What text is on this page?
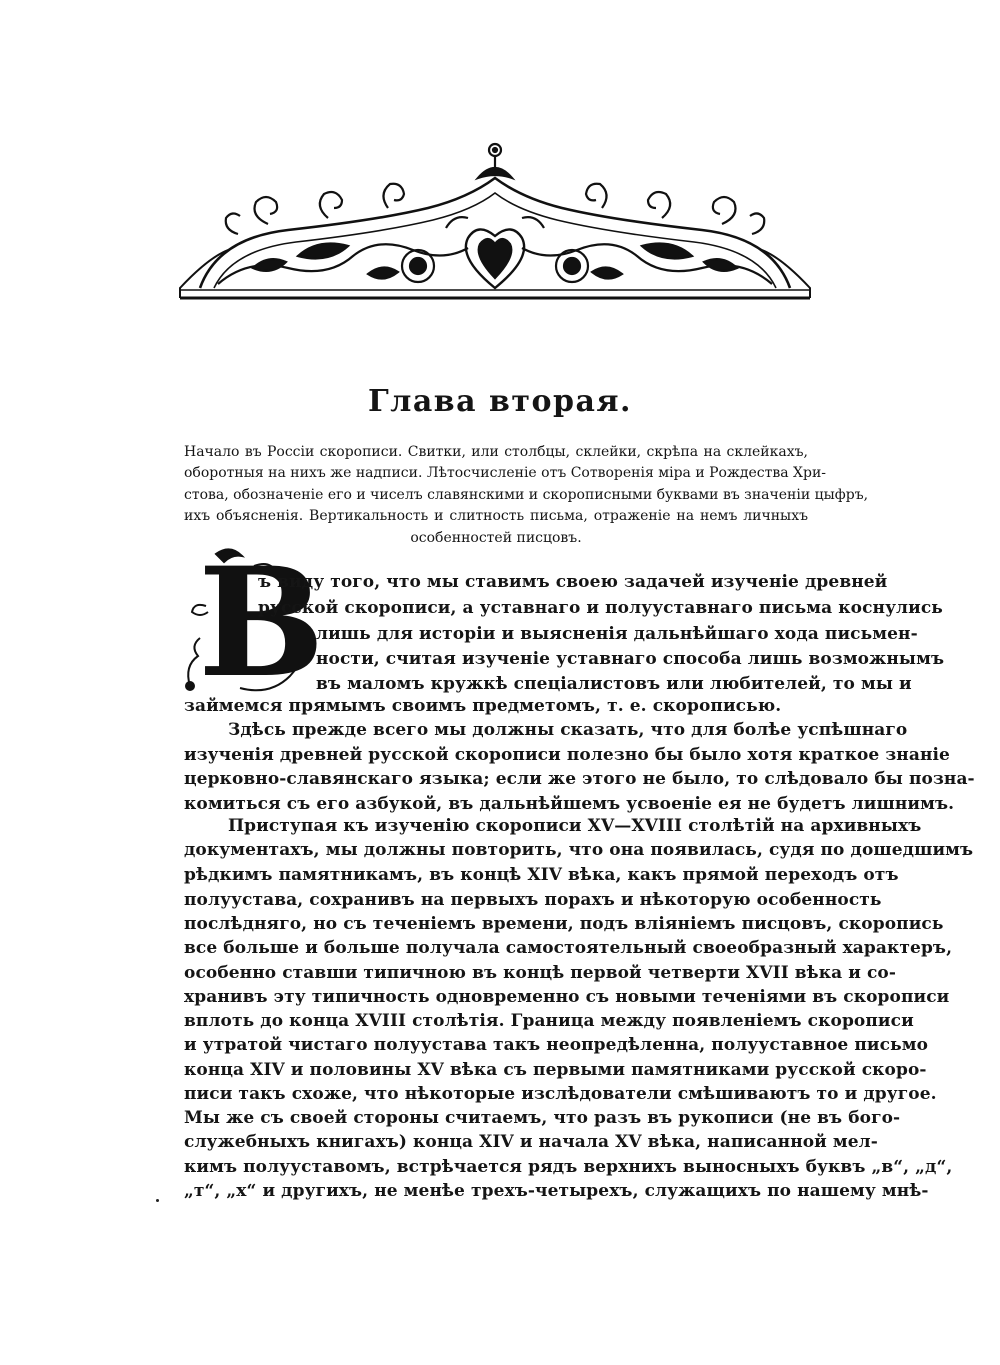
Глава вторая.
Начало въ Россіи скорописи. Свитки, или столбцы, склейки, скрѣпа на склейкахъ,
оборотныя на нихъ же надписи. Лѣтосчисленіе отъ Сотворенія міра и Рождества Хри-
стова, обозначеніе его и чиселъ славянскими и скорописными буквами въ значеніи цыфръ,
ихъ объясненія. Вертикальность и слитность письма, отраженіе на немъ личныхъ
особенностей писцовъ.
В

ъ виду того, что мы ставимъ своею задачей изученіе древней

русской скорописи, а уставнаго и полууставнаго письма коснулись

лишь для исторіи и выясненія дальнѣйшаго хода письмен-

ности, считая изученіе уставнаго способа лишь возможнымъ

въ маломъ кружкѣ спеціалистовъ или любителей, то мы и

займемся прямымъ своимъ предметомъ, т. е. скорописью.

Здѣсь прежде всего мы должны сказать, что для болѣе успѣшнаго

изученія древней русской скорописи полезно бы было хотя краткое знаніе

церковно-славянскаго языка; если же этого не было, то слѣдовало бы позна-

комиться съ его азбукой, въ дальнѣйшемъ усвоеніе ея не будетъ лишнимъ.

Приступая къ изученію скорописи XV—XVIII столѣтій на архивныхъ

документахъ, мы должны повторить, что она появилась, судя по дошедшимъ

рѣдкимъ памятникамъ, въ концѣ XIV вѣка, какъ прямой переходъ отъ

полуустава, сохранивъ на первыхъ порахъ и нѣкоторую особенность

послѣдняго, но съ теченіемъ времени, подъ вліяніемъ писцовъ, скоропись

все больше и больше получала самостоятельный своеобразный характеръ,

особенно ставши типичною въ концѣ первой четверти XVII вѣка и со-

хранивъ эту типичность одновременно съ новыми теченіями въ скорописи

вплоть до конца XVIII столѣтія. Граница между появленіемъ скорописи

и утратой чистаго полуустава такъ неопредѣленна, полууставное письмо

конца XIV и половины XV вѣка съ первыми памятниками русской скоро-

писи такъ схоже, что нѣкоторые изслѣдователи смѣшиваютъ то и другое.

Мы же съ своей стороны считаемъ, что разъ въ рукописи (не въ бого-

служебныхъ книгахъ) конца XIV и начала XV вѣка, написанной мел-

кимъ полууставомъ, встрѣчается рядъ верхнихъ выносныхъ буквъ „в“, „д“,

„т“, „х“ и другихъ, не менѣе трехъ-четырехъ, служащихъ по нашему мнѣ-
